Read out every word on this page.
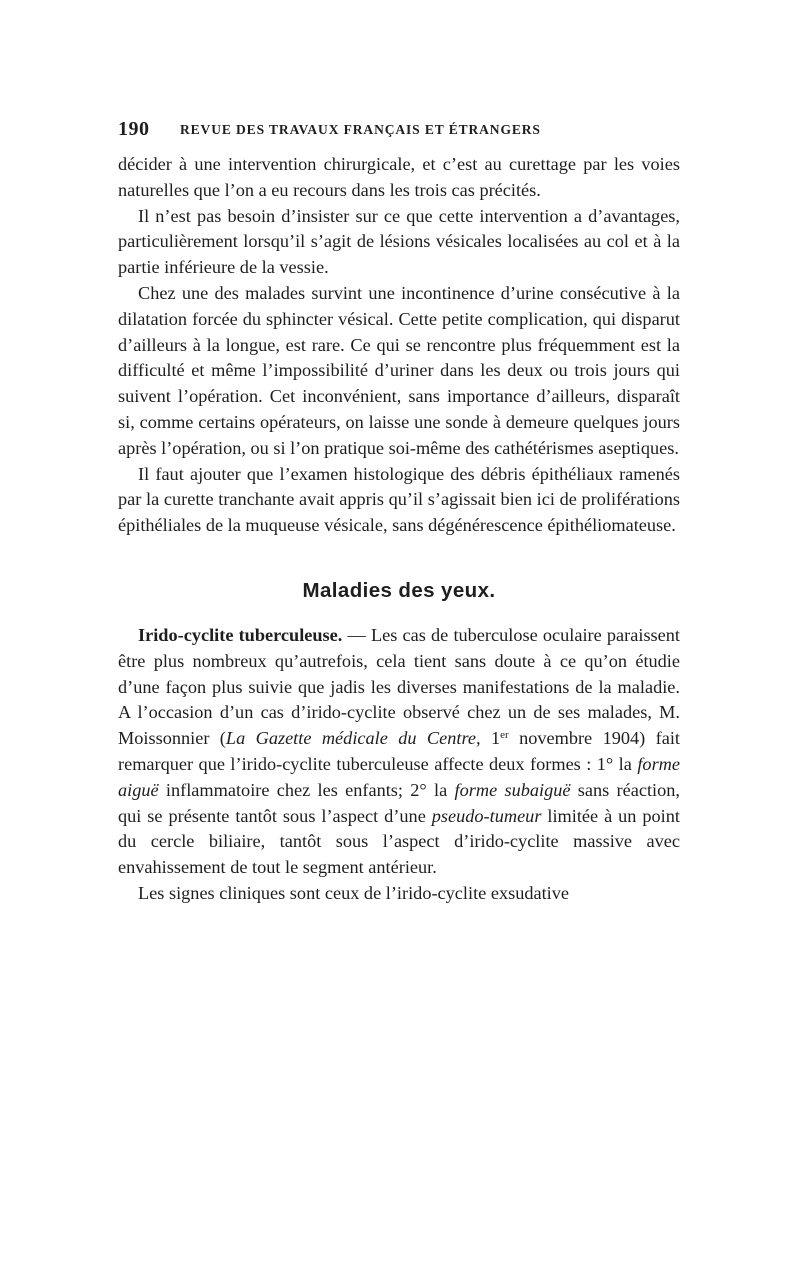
190 REVUE DES TRAVAUX FRANÇAIS ET ÉTRANGERS

décider à une intervention chirurgicale, et c’est au curettage par les voies naturelles que l’on a eu recours dans les trois cas précités.

Il n’est pas besoin d’insister sur ce que cette intervention a d’avantages, particulièrement lorsqu’il s’agit de lésions vésicales localisées au col et à la partie inférieure de la vessie.

Chez une des malades survint une incontinence d’urine consécutive à la dilatation forcée du sphincter vésical. Cette petite complication, qui disparut d’ailleurs à la longue, est rare. Ce qui se rencontre plus fréquemment est la difficulté et même l’impossibilité d’uriner dans les deux ou trois jours qui suivent l’opération. Cet inconvénient, sans importance d’ailleurs, disparaît si, comme certains opérateurs, on laisse une sonde à demeure quelques jours après l’opération, ou si l’on pratique soi-même des cathétérismes aseptiques.

Il faut ajouter que l’examen histologique des débris épithéliaux ramenés par la curette tranchante avait appris qu’il s’agissait bien ici de proliférations épithéliales de la muqueuse vésicale, sans dégénérescence épithéliomateuse.

Maladies des yeux.

Irido-cyclite tuberculeuse. — Les cas de tuberculose oculaire paraissent être plus nombreux qu’autrefois, cela tient sans doute à ce qu’on étudie d’une façon plus suivie que jadis les diverses manifestations de la maladie. A l’occasion d’un cas d’irido-cyclite observé chez un de ses malades, M. Moissonnier (La Gazette médicale du Centre, 1er novembre 1904) fait remarquer que l’irido-cyclite tuberculeuse affecte deux formes : 1° la forme aiguë inflammatoire chez les enfants; 2° la forme subaiguë sans réaction, qui se présente tantôt sous l’aspect d’une pseudo-tumeur limitée à un point du cercle biliaire, tantôt sous l’aspect d’irido-cyclite massive avec envahissement de tout le segment antérieur.

Les signes cliniques sont ceux de l’irido-cyclite exsudative
